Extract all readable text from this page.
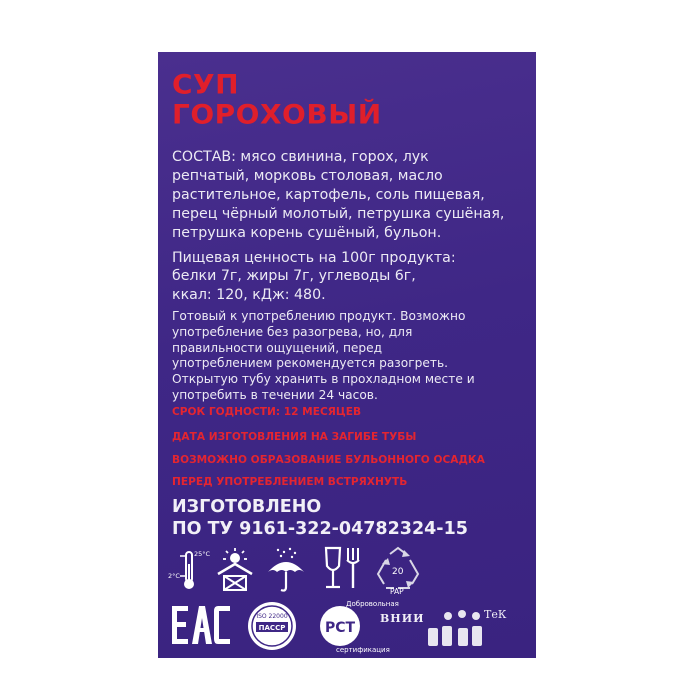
СУП
ГОРОХОВЫЙ
СОСТАВ: мясо свинина, горох, лук
репчатый, морковь столовая, масло
растительное, картофель, соль пищевая,
перец чёрный молотый, петрушка сушёная,
петрушка корень сушёный, бульон.
Пищевая ценность на 100г продукта:
белки 7г, жиры 7г, углеводы 6г,
ккал: 120, кДж: 480.
Готовый к употреблению продукт. Возможно
употребление без разогрева, но, для
правильности ощущений, перед
употреблением рекомендуется разогреть.
Открытую тубу хранить в прохладном месте и
употребить в течении 24 часов.
СРОК ГОДНОСТИ: 12 МЕСЯЦЕВ
ДАТА ИЗГОТОВЛЕНИЯ НА ЗАГИБЕ ТУБЫ
ВОЗМОЖНО ОБРАЗОВАНИЕ БУЛЬОННОГО ОСАДКА
ПЕРЕД УПОТРЕБЛЕНИЕМ ВСТРЯХНУТЬ
ИЗГОТОВЛЕНО
ПО ТУ 9161-322-04782324-15
25°C
2°C	20
PAP
EAC
ISO 22000
ПАССР	РСТ
Добровольная
сертификация
ВНИИ	ТеК
